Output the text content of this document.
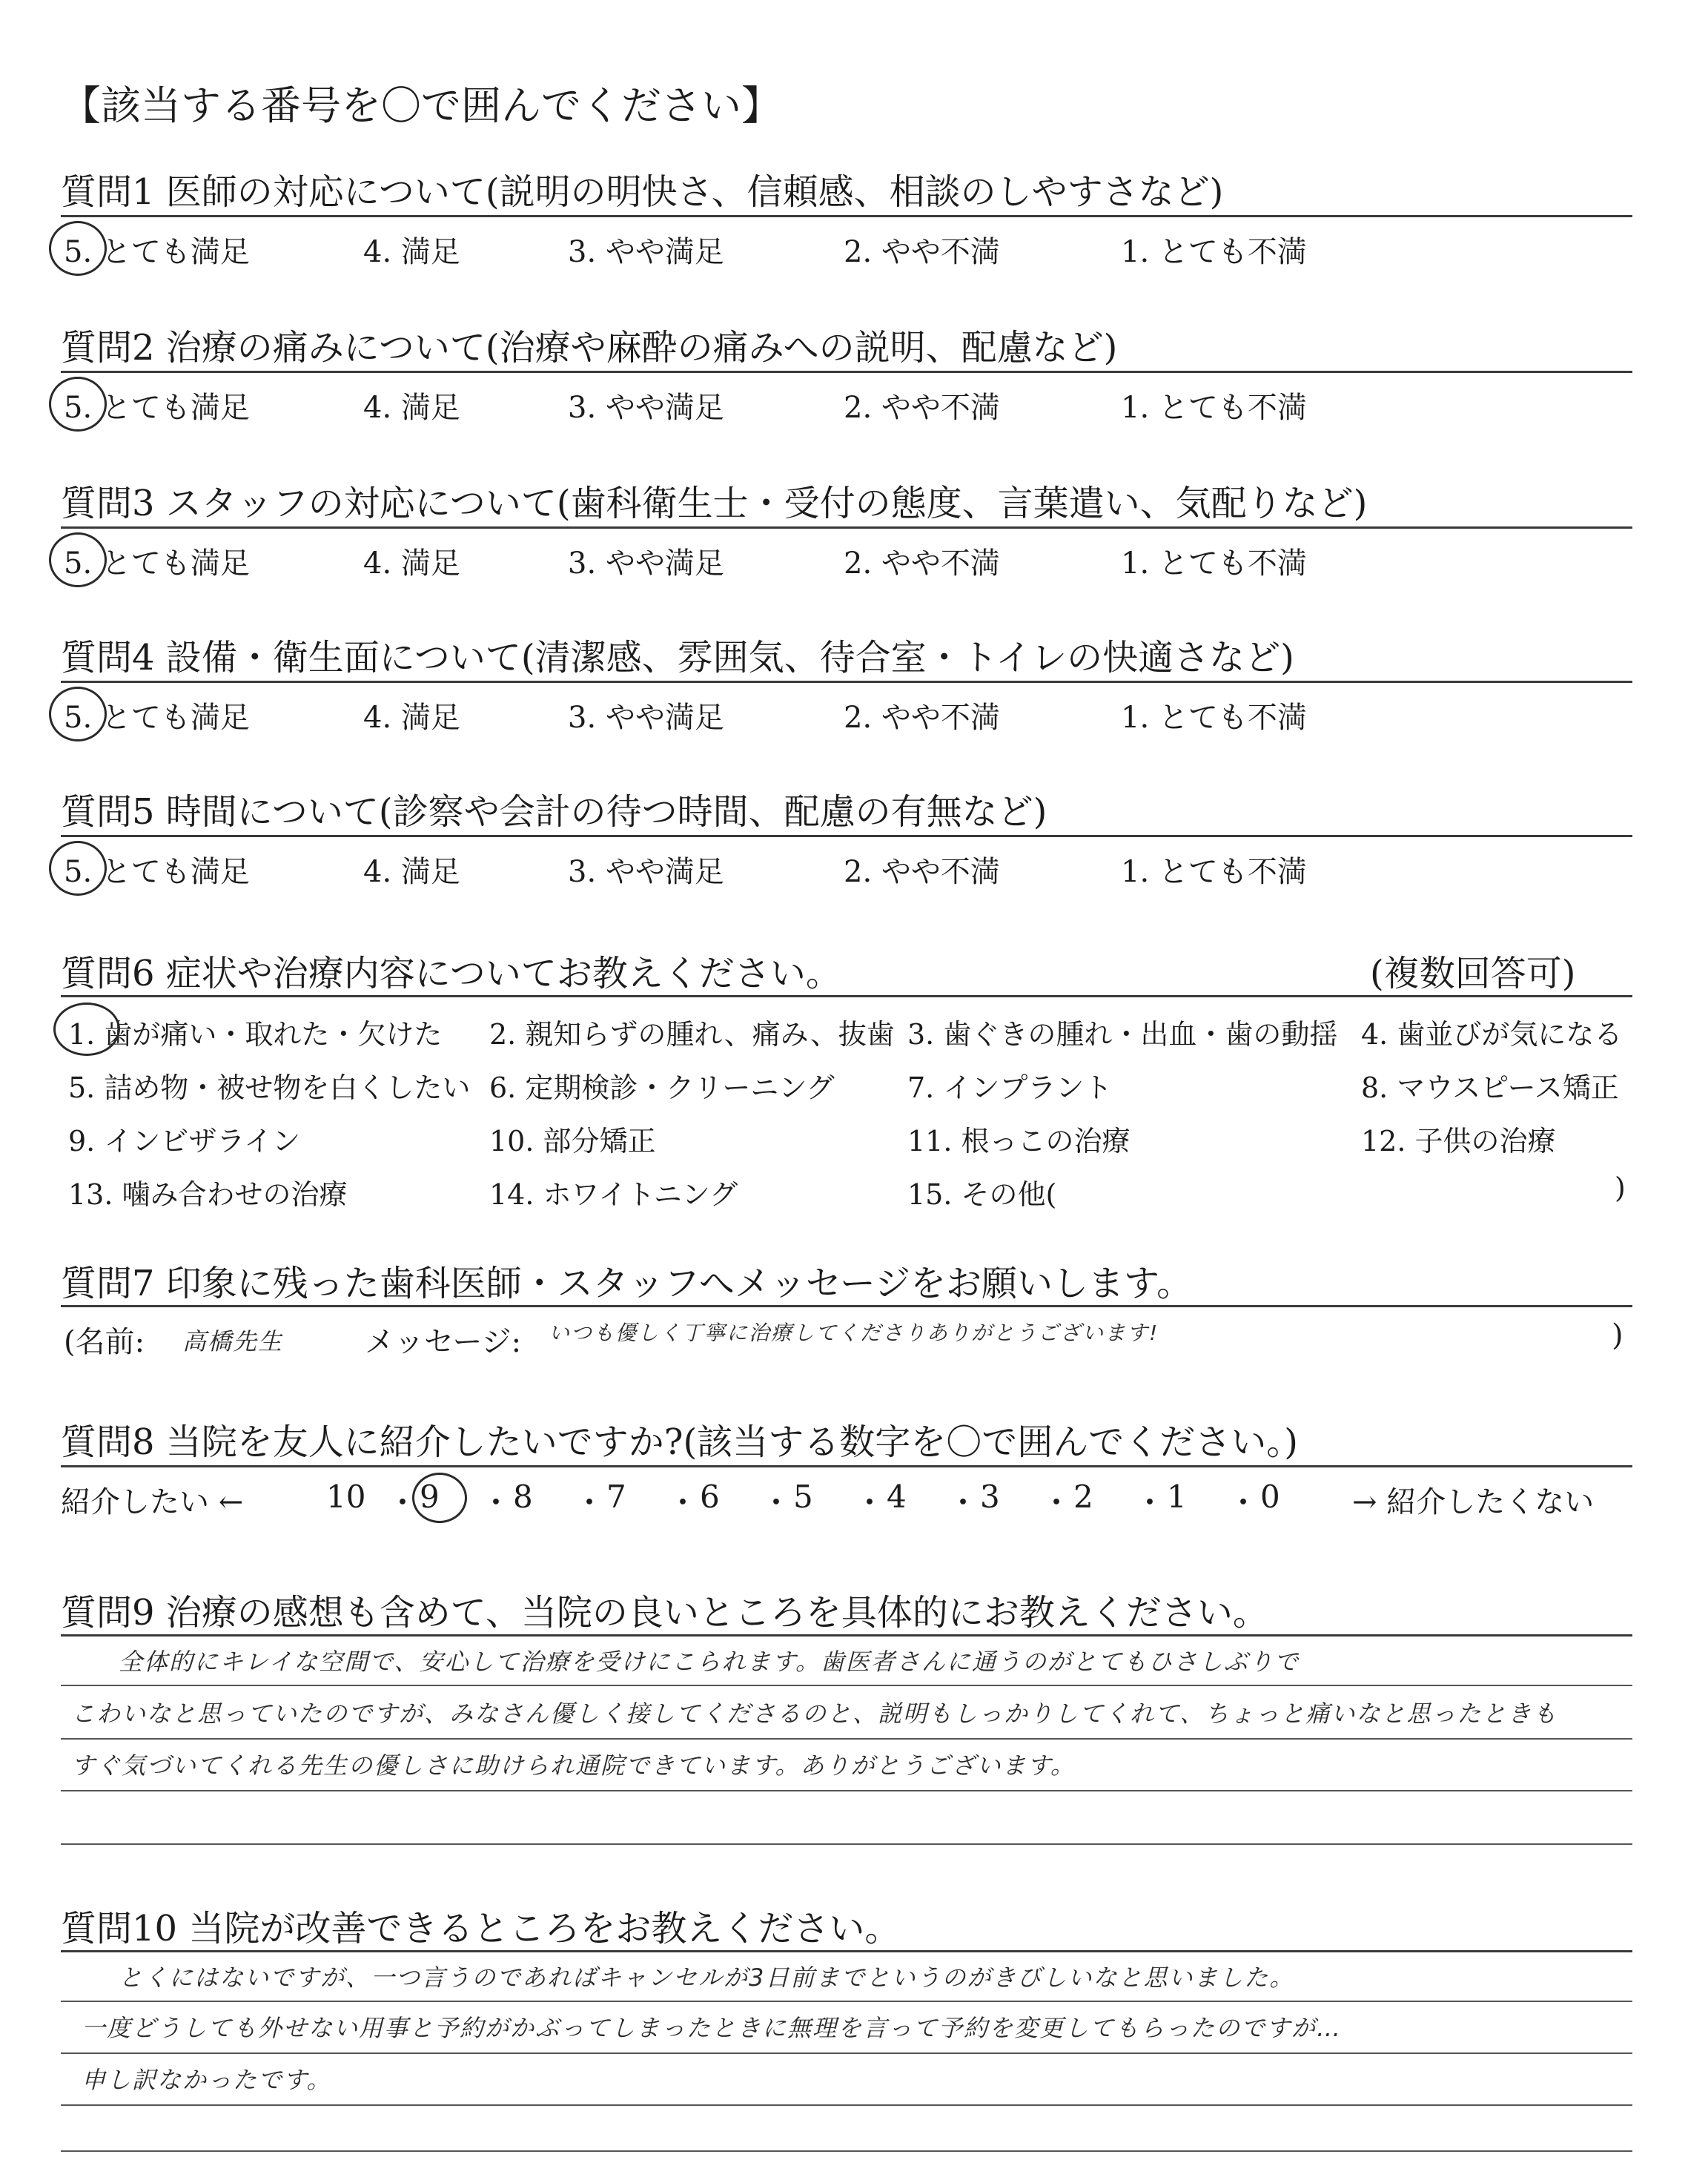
【該当する番号を〇で囲んでください】
質問1 医師の対応について(説明の明快さ、信頼感、相談のしやすさなど)
5. とても満足	4. 満足	3. やや満足	2. やや不満	1. とても不満
質問2 治療の痛みについて(治療や麻酔の痛みへの説明、配慮など)
5. とても満足	4. 満足	3. やや満足	2. やや不満	1. とても不満
質問3 スタッフの対応について(歯科衛生士・受付の態度、言葉遣い、気配りなど)
5. とても満足	4. 満足	3. やや満足	2. やや不満	1. とても不満
質問4 設備・衛生面について(清潔感、雰囲気、待合室・トイレの快適さなど)
5. とても満足	4. 満足	3. やや満足	2. やや不満	1. とても不満
質問5 時間について(診察や会計の待つ時間、配慮の有無など)
5. とても満足	4. 満足	3. やや満足	2. やや不満	1. とても不満
質問6 症状や治療内容についてお教えください。	(複数回答可)
1. 歯が痛い・取れた・欠けた 2. 親知らずの腫れ、痛み、抜歯 3. 歯ぐきの腫れ・出血・歯の動揺 4. 歯並びが気になる
5. 詰め物・被せ物を白くしたい 6. 定期検診・クリーニング	7. インプラント	8. マウスピース矯正
9. インビザライン	10. 部分矯正	11. 根っこの治療	12. 子供の治療
13. 噛み合わせの治療	14. ホワイトニング	15. その他(	)
質問7 印象に残った歯科医師・スタッフへメッセージをお願いします。
(名前: 高橋先生	メッセージ: いつも優しく丁寧に治療してくださりありがとうございます!	)
質問8 当院を友人に紹介したいですか?(該当する数字を〇で囲んでください。)
紹介したい ←	→ 紹介したくない
10 ・ 9 ・ 8 ・ 7 ・ 6 ・ 5 ・ 4 ・ 3 ・ 2 ・ 1 ・ 0
質問9 治療の感想も含めて、当院の良いところを具体的にお教えください。
全体的にキレイな空間で、安心して治療を受けにこられます。歯医者さんに通うのがとてもひさしぶりで
こわいなと思っていたのですが、みなさん優しく接してくださるのと、説明もしっかりしてくれて、ちょっと痛いなと思ったときも
すぐ気づいてくれる先生の優しさに助けられ通院できています。ありがとうございます。
質問10 当院が改善できるところをお教えください。
とくにはないですが、一つ言うのであればキャンセルが3日前までというのがきびしいなと思いました。
一度どうしても外せない用事と予約がかぶってしまったときに無理を言って予約を変更してもらったのですが…
申し訳なかったです。
